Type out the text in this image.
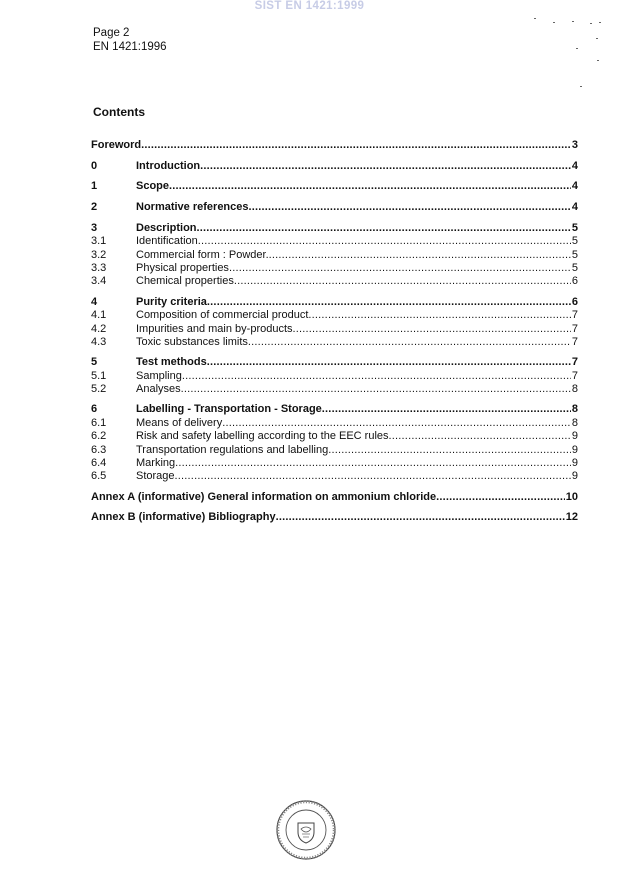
SIST EN 1421:1999
Page 2
EN 1421:1996
Contents
Foreword .....	3
0	Introduction .....	4
1	Scope .....	4
2	Normative references .....	4
3	Description .....	5
3.1	Identification .....	5
3.2	Commercial form : Powder. .....	5
3.3	Physical properties .....	5
3.4	Chemical properties .....	6
4	Purity criteria .....	6
4.1	Composition of commercial product .....	7
4.2	Impurities and main by-products .....	7
4.3	Toxic substances limits .....	7
5	Test methods .....	7
5.1	Sampling .....	7
5.2	Analyses .....	8
6	Labelling - Transportation - Storage .....	8
6.1	Means of delivery .....	8
6.2	Risk and safety labelling according to the EEC rules .....	9
6.3	Transportation regulations and labelling .....	9
6.4	Marking .....	9
6.5	Storage .....	9
Annex A (informative) General information on ammonium chloride .....	10
Annex B (informative) Bibliography .....	12
